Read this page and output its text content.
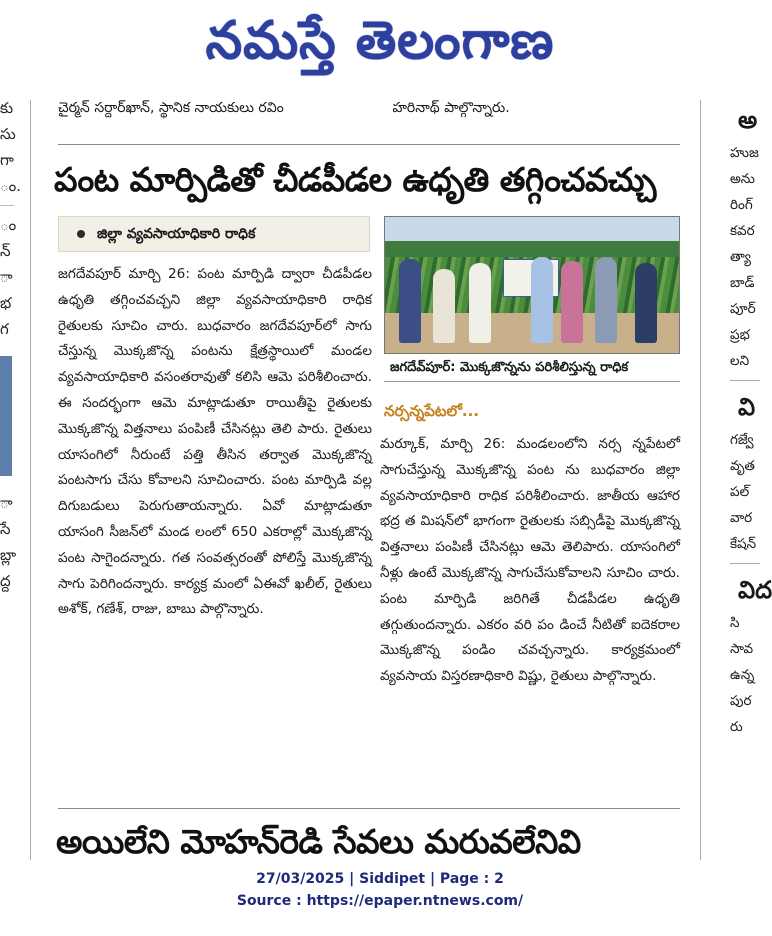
నమస్తే తెలంగాణ
కు
సు
గా
ం.
ం
న్
ా
భ
గ
ా
సే
బ్లా
ద్ద
చైర్మన్ సర్దార్‌ఖాన్, స్థానిక నాయకులు రవిం	హరినాథ్ పాల్గొన్నారు.
పంట మార్పిడితో చీడపీడల ఉధృతి తగ్గించవచ్చు
జిల్లా వ్యవసాయాధికారి రాధిక

జగదేవపూర్ మార్చి 26: పంట మార్పిడి ద్వారా చీడపీడల ఉధృతి తగ్గించవచ్చని జిల్లా వ్యవసాయాధికారి రాధిక రైతులకు సూచిం చారు. బుధవారం జగదేవపూర్‌లో సాగు చేస్తున్న మొక్కజొన్న పంటను క్షేత్రస్థాయిలో మండల వ్యవసాయాధికారి వసంతరావుతో కలిసి ఆమె పరిశీలించారు. ఈ సందర్భంగా ఆమె మాట్లాడుతూ రాయితీపై రైతులకు మొక్కజొన్న విత్తనాలు పంపిణీ చేసినట్లు తెలి పారు. రైతులు యాసంగిలో నీరుంటే పత్తి తీసిన తర్వాత మొక్కజొన్న పంటసాగు చేసు కోవాలని సూచించారు. పంట మార్పిడి వల్ల దిగుబడులు పెరుగుతాయన్నారు. ఏవో మాట్లాడుతూ యాసంగి సీజన్‌లో మండ లంలో 650 ఎకరాల్లో మొక్కజొన్న పంట సాగైందన్నారు. గత సంవత్సరంతో పోలిస్తే మొక్కజొన్న సాగు పెరిగిందన్నారు. కార్యక్ర మంలో ఏఈవో ఖలీల్, రైతులు అశోక్, గణేశ్, రాజు, బాబు పాల్గొన్నారు.

జగదేవ్‌పూర్: మొక్కజొన్నను పరిశీలిస్తున్న రాధిక
నర్సన్నపేటలో...

మర్కూక్, మార్చి 26: మండలంలోని నర్స న్నపేటలో సాగుచేస్తున్న మొక్కజొన్న పంట ను బుధవారం జిల్లా వ్యవసాయాధికారి రాధిక పరిశీలించారు. జాతీయ ఆహార భద్ర త మిషన్‌లో భాగంగా రైతులకు సబ్సిడీపై మొక్కజొన్న విత్తనాలు పంపిణీ చేసినట్లు ఆమె తెలిపారు. యాసంగిలో నీళ్లు ఉంటే మొక్కజొన్న సాగుచేసుకోవాలని సూచిం చారు. పంట మార్పిడి జరిగితే చీడపీడల ఉధృతి తగ్గుతుందన్నారు. ఎకరం వరి పం డించే నీటితో ఐదెకరాల మొక్కజొన్న పండిం చవచ్చన్నారు. కార్యక్రమంలో వ్యవసాయ విస్తరణాధికారి విష్ణు, రైతులు పాల్గొన్నారు.

అయిలేని మోహన్‌రెడి సేవలు మరువలేనివి
అ
హుజ
అను
రింగ్
కవర
త్యా
బాడ్
పూర్
ప్రభ
లని
వి
గజ్వే
వృత
పల్
వార
కేషన్
విద
సి
సావ
ఉన్న
పుర
రు
27/03/2025 | Siddipet | Page : 2
Source : https://epaper.ntnews.com/
